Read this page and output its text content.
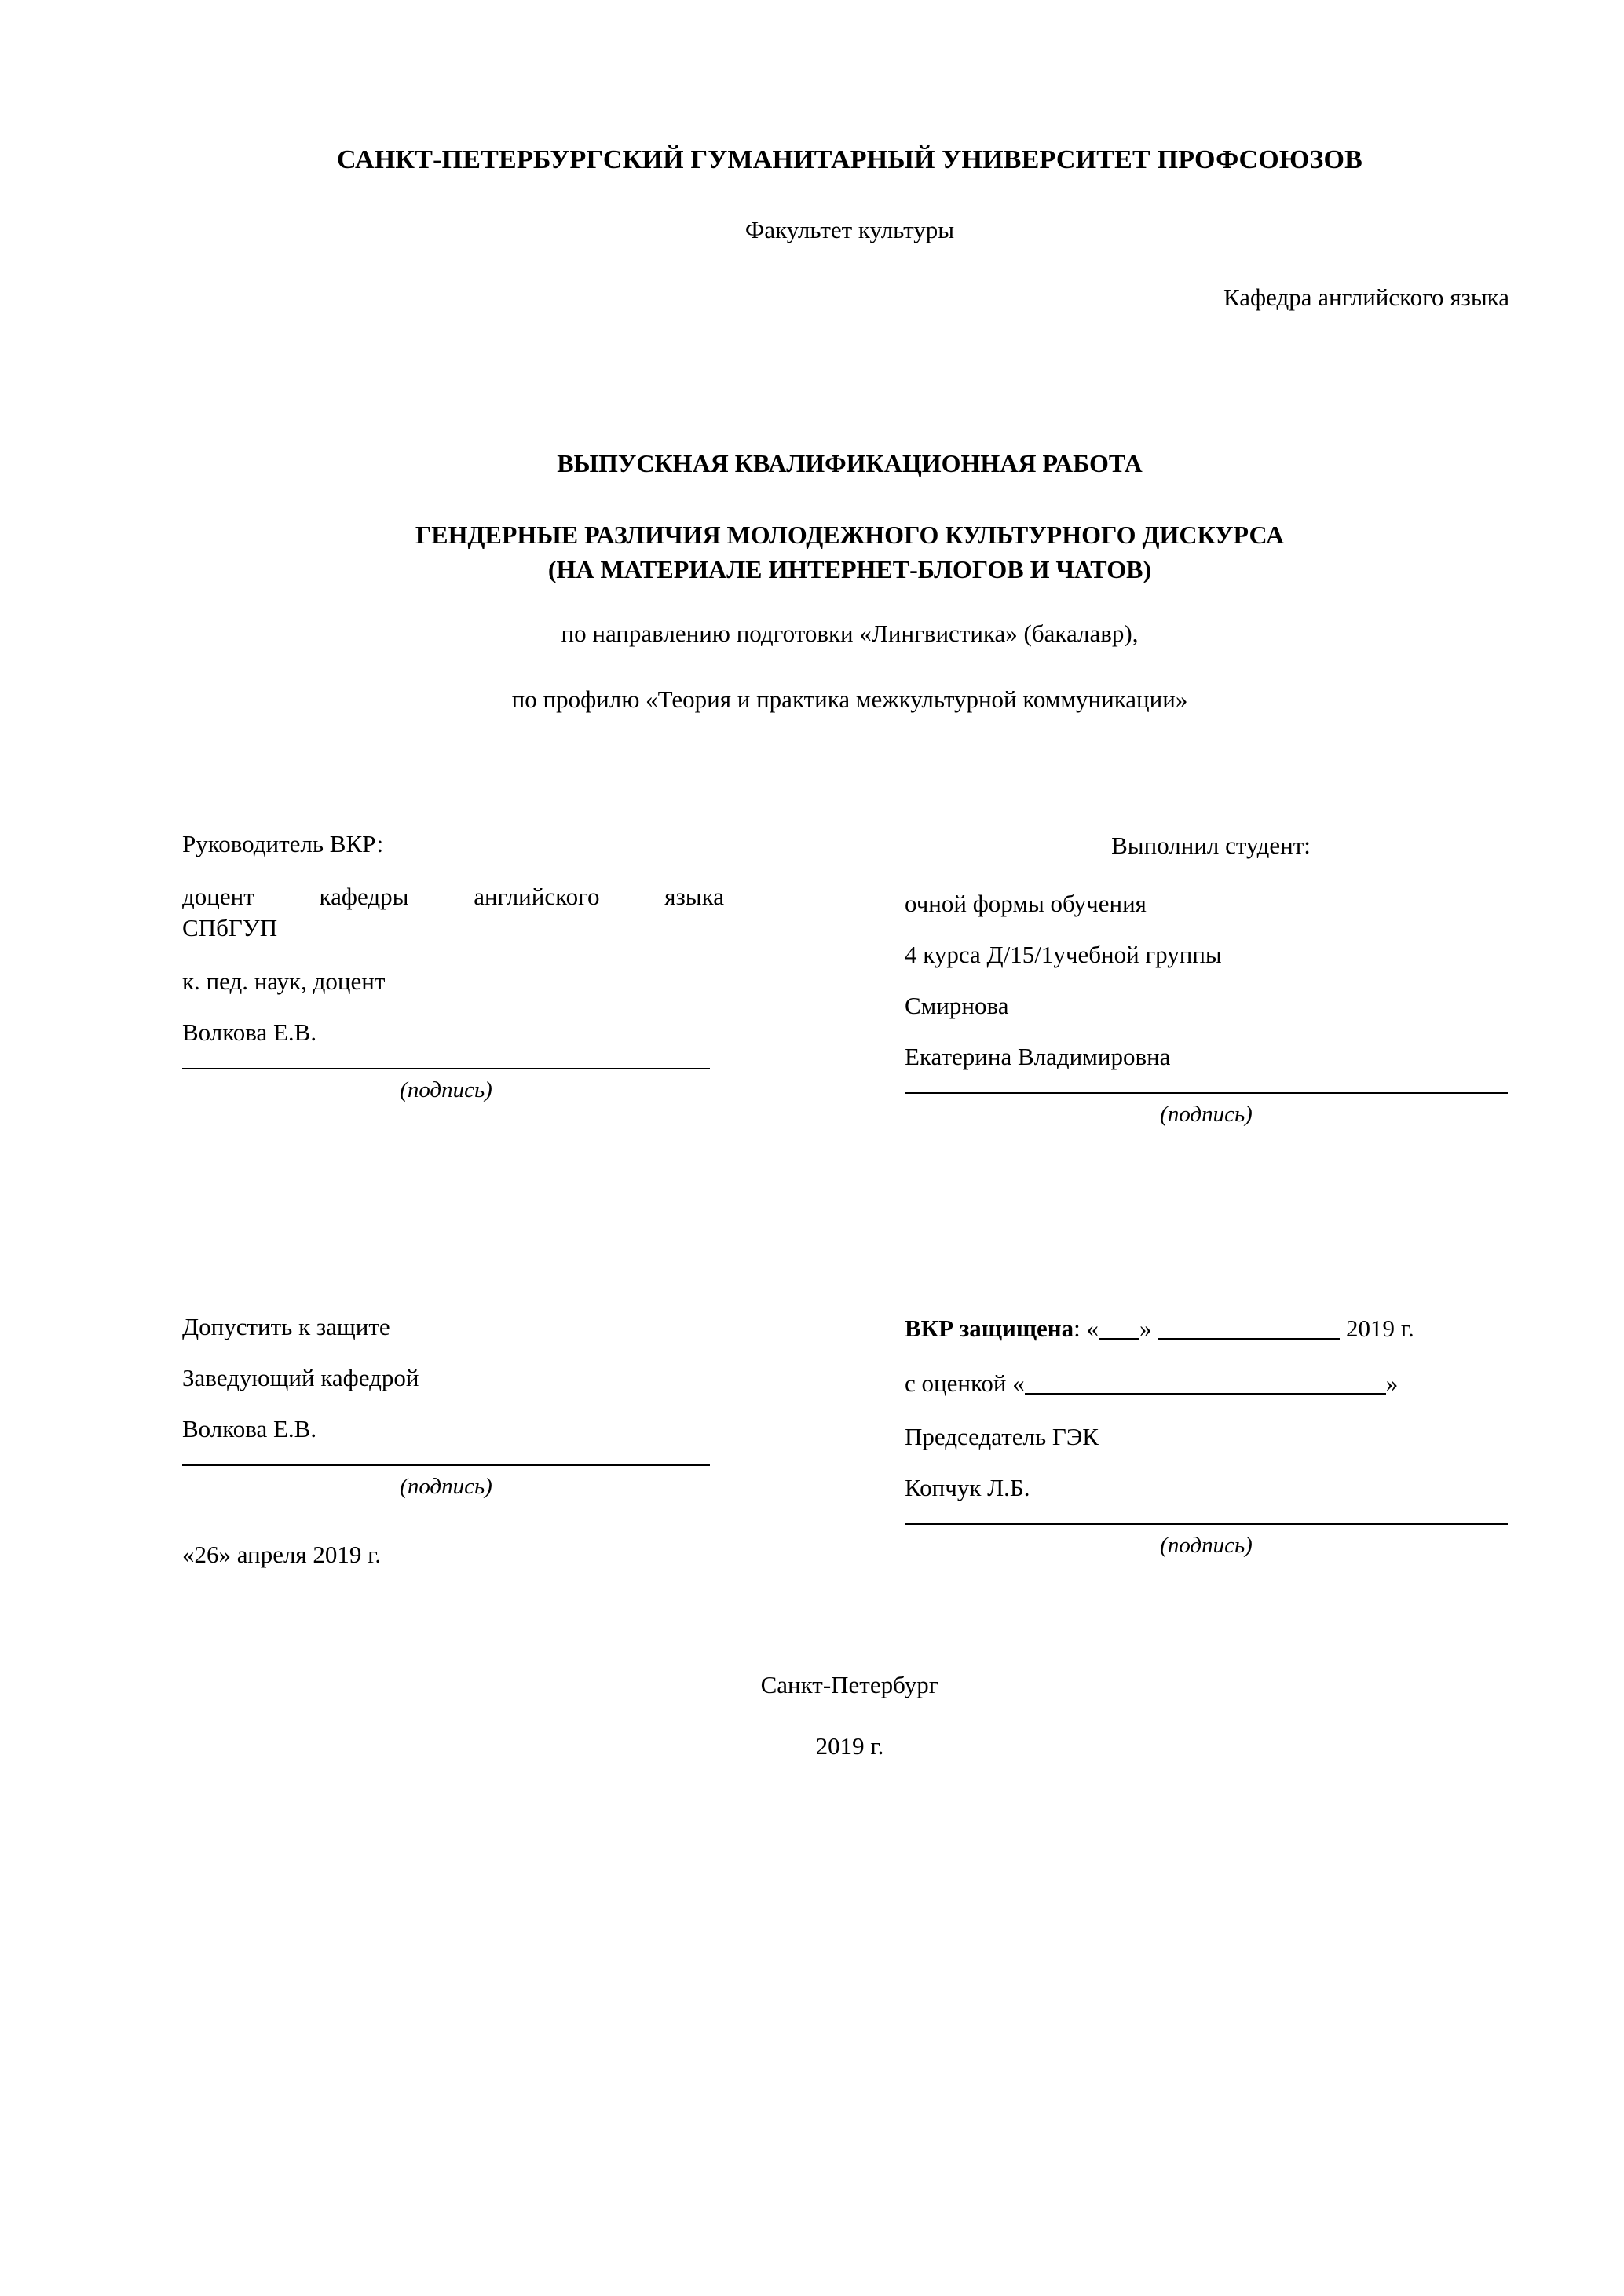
САНКТ-ПЕТЕРБУРГСКИЙ ГУМАНИТАРНЫЙ УНИВЕРСИТЕТ ПРОФСОЮЗОВ
Факультет культуры
Кафедра английского языка
ВЫПУСКНАЯ КВАЛИФИКАЦИОННАЯ РАБОТА
ГЕНДЕРНЫЕ РАЗЛИЧИЯ МОЛОДЕЖНОГО КУЛЬТУРНОГО ДИСКУРСА
(НА МАТЕРИАЛЕ ИНТЕРНЕТ-БЛОГОВ И ЧАТОВ)
по направлению подготовки «Лингвистика» (бакалавр),
по профилю «Теория и практика межкультурной коммуникации»
Руководитель ВКР:
доцент кафедры английского языка
СПбГУП
к. пед. наук, доцент
Волкова Е.В.
(подпись)
Выполнил студент:
очной формы обучения
4 курса Д/15/1учебной группы
Смирнова
Екатерина Владимировна
(подпись)
Допустить к защите
Заведующий кафедрой
Волкова Е.В.
(подпись)
«26» апреля 2019 г.
ВКР защищена: « »	2019 г.
с оценкой «	»
Председатель ГЭК
Копчук Л.Б.
(подпись)
Санкт-Петербург
2019 г.
